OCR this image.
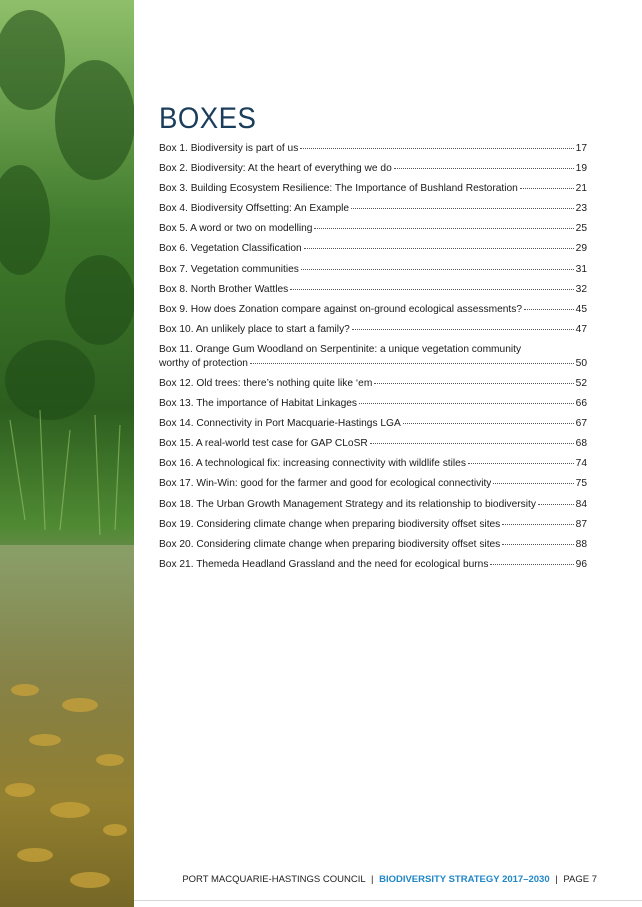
BOXES
Box 1. Biodiversity is part of us	17
Box 2. Biodiversity: At the heart of everything we do	19
Box 3. Building Ecosystem Resilience: The Importance of Bushland Restoration	21
Box 4. Biodiversity Offsetting: An Example	23
Box 5. A word or two on modelling	25
Box 6. Vegetation Classification	29
Box 7. Vegetation communities	31
Box 8. North Brother Wattles	32
Box 9. How does Zonation compare against on-ground ecological assessments?	45
Box 10. An unlikely place to start a family?	47
Box 11. Orange Gum Woodland on Serpentinite: a unique vegetation community
worthy of protection	50
Box 12. Old trees: there’s nothing quite like ‘em	52
Box 13. The importance of Habitat Linkages	66
Box 14. Connectivity in Port Macquarie-Hastings LGA	67
Box 15. A real-world test case for GAP CLoSR	68
Box 16. A technological fix: increasing connectivity with wildlife stiles	74
Box 17. Win-Win: good for the farmer and good for ecological connectivity	75
Box 18. The Urban Growth Management Strategy and its relationship to biodiversity	84
Box 19. Considering climate change when preparing biodiversity offset sites	87
Box 20. Considering climate change when preparing biodiversity offset sites	88
Box 21. Themeda Headland Grassland and the need for ecological burns	96
PORT MACQUARIE-HASTINGS COUNCIL | BIODIVERSITY STRATEGY 2017–2030 | PAGE 7
